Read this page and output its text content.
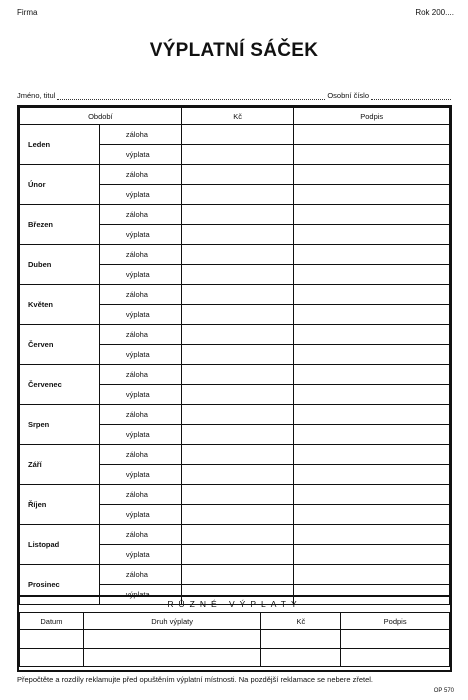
Firma	Rok 200....
VÝPLATNÍ SÁČEK
Jméno, titul	Osobní číslo
Období		Kč	Podpis
Leden	záloha		
	výplata		
Únor	záloha		
	výplata		
Březen	záloha		
	výplata		
Duben	záloha		
	výplata		
Květen	záloha		
	výplata		
Červen	záloha		
	výplata		
Červenec	záloha		
	výplata		
Srpen	záloha		
	výplata		
Září	záloha		
	výplata		
Říjen	záloha		
	výplata		
Listopad	záloha		
	výplata		
Prosinec	záloha		
	výplata		
RŮZNÉ VÝPLATY
Datum	Druh výplaty	Kč	Podpis

Přepočtěte a rozdíly reklamujte před opuštěním výplatní místnosti. Na pozdější reklamace se nebere zřetel.
OP 570
